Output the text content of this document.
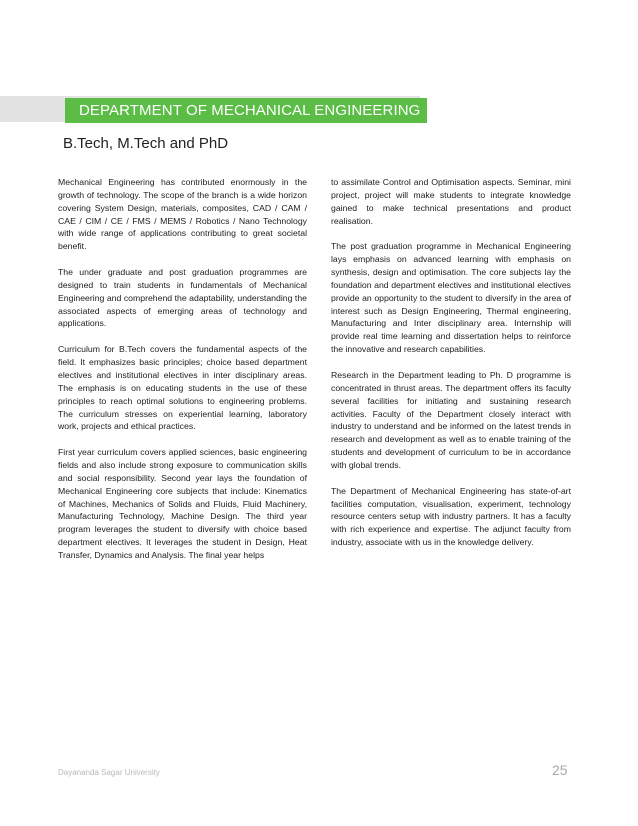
DEPARTMENT OF MECHANICAL ENGINEERING
B.Tech, M.Tech and PhD

Mechanical Engineering has contributed enormously in the growth of technology. The scope of the branch is a wide horizon covering System Design, materials, composites, CAD / CAM / CAE / CIM / CE / FMS / MEMS / Robotics / Nano Technology with wide range of applications contributing to great societal benefit.

The under graduate and post graduation programmes are designed to train students in fundamentals of Mechanical Engineering and comprehend the adaptability, understanding the associated aspects of emerging areas of technology and applications.

Curriculum for B.Tech covers the fundamental aspects of the field. It emphasizes basic principles; choice based department electives and institutional electives in inter disciplinary areas. The emphasis is on educating students in the use of these principles to reach optimal solutions to engineering problems. The curriculum stresses on experiential learning, laboratory work, projects and ethical practices.

First year curriculum covers applied sciences, basic engineering fields and also include strong exposure to communication skills and social responsibility. Second year lays the foundation of Mechanical Engineering core subjects that include: Kinematics of Machines, Mechanics of Solids and Fluids, Fluid Machinery, Manufacturing Technology, Machine Design. The third year program leverages the student to diversify with choice based department electives. It leverages the student in Design, Heat Transfer, Dynamics and Analysis. The final year helps

to assimilate Control and Optimisation aspects. Seminar, mini project, project will make students to integrate knowledge gained to make technical presentations and product realisation.

The post graduation programme in Mechanical Engineering lays emphasis on advanced learning with emphasis on synthesis, design and optimisation. The core subjects lay the foundation and department electives and institutional electives provide an opportunity to the student to diversify in the area of interest such as Design Engineering, Thermal engineering, Manufacturing and Inter disciplinary area. Internship will provide real time learning and dissertation helps to reinforce the innovative and research capabilities.

Research in the Department leading to Ph. D programme is concentrated in thrust areas. The department offers its faculty several facilities for initiating and sustaining research activities. Faculty of the Department closely interact with industry to understand and be informed on the latest trends in research and development as well as to enable training of the students and development of curriculum to be in accordance with global trends.

The Department of Mechanical Engineering has state-of-art facilities computation, visualisation, experiment, technology resource centers setup with industry partners. It has a faculty with rich experience and expertise. The adjunct faculty from industry, associate with us in the knowledge delivery.

Dayananda Sagar University	25
